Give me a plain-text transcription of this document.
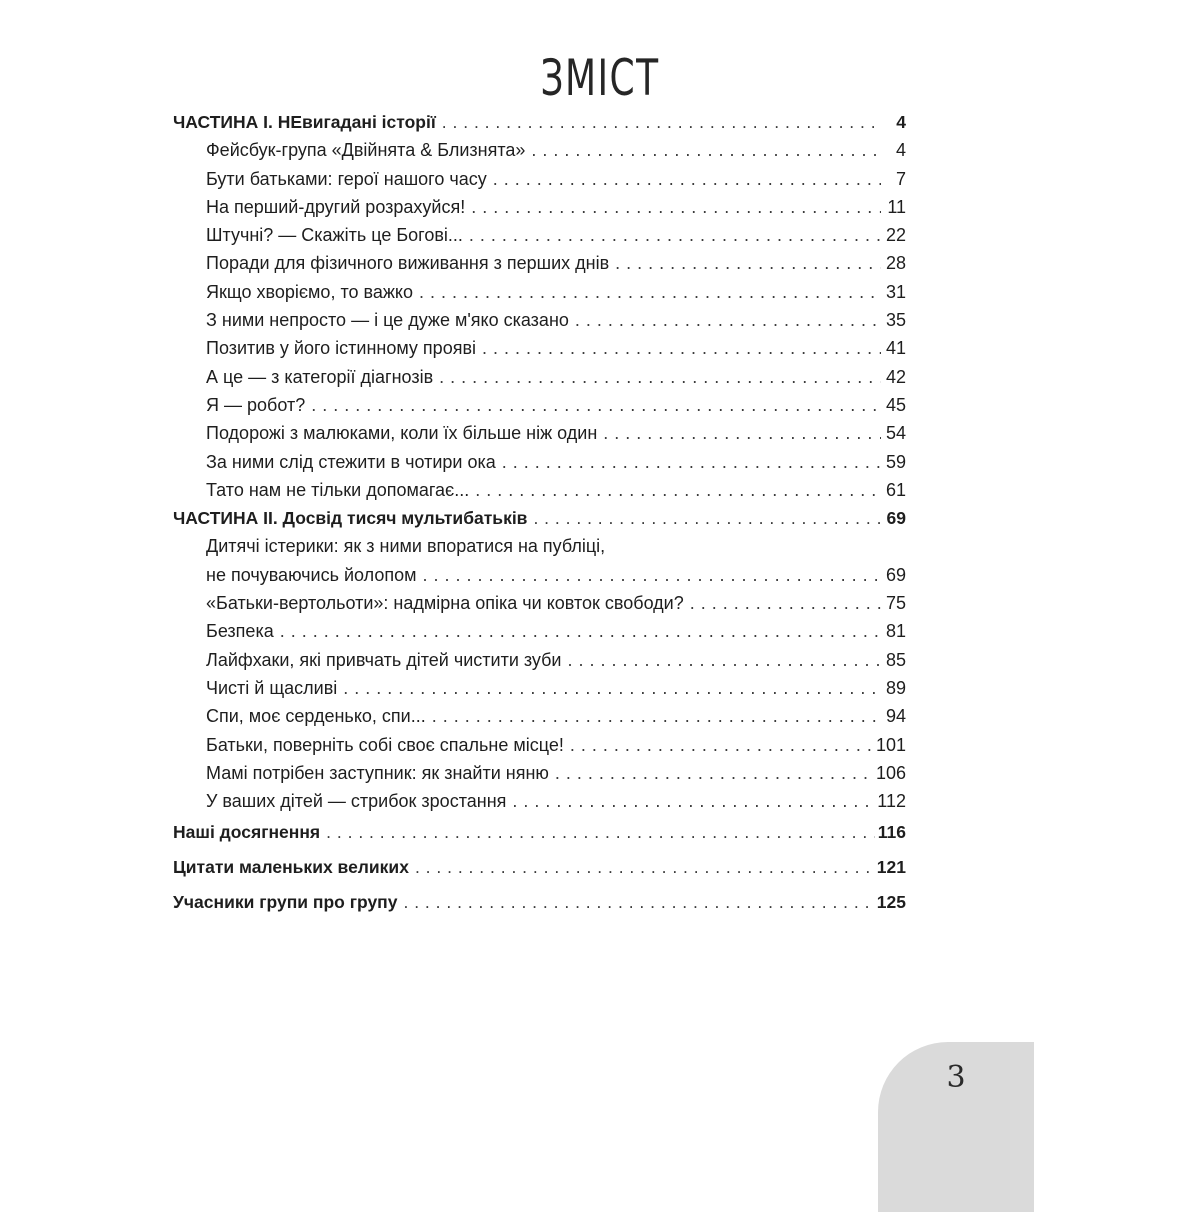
ЗМІСТ
ЧАСТИНА І. НЕвигадані історії . . .	4
Фейсбук-група «Двійнята & Близнята» . . .	4
Бути батьками: герої нашого часу . . .	7
На перший-другий розрахуйся! . . .	11
Штучні? — Скажіть це Богові... . . .	22
Поради для фізичного виживання з перших днів . . .	28
Якщо хворіємо, то важко . . .	31
З ними непросто — і це дуже м'яко сказано . . .	35
Позитив у його істинному прояві . . .	41
А це — з категорії діагнозів . . .	42
Я — робот? . . .	45
Подорожі з малюками, коли їх більше ніж один . . .	54
За ними слід стежити в чотири ока . . .	59
Тато нам не тільки допомагає... . . .	61
ЧАСТИНА ІІ. Досвід тисяч мультибатьків . . .	69
Дитячі істерики: як з ними впоратися на публіці,
не почуваючись йолопом . . .	69
«Батьки-вертольоти»: надмірна опіка чи ковток свободи? . . .	75
Безпека . . .	81
Лайфхаки, які привчать дітей чистити зуби . . .	85
Чисті й щасливі . . .	89
Спи, моє серденько, спи... . . .	94
Батьки, поверніть собі своє спальне місце! . . .	101
Мамі потрібен заступник: як знайти няню . . .	106
У ваших дітей — стрибок зростання . . .	112
Наші досягнення . . .	116
Цитати маленьких великих . . .	121
Учасники групи про групу . . .	125
3
